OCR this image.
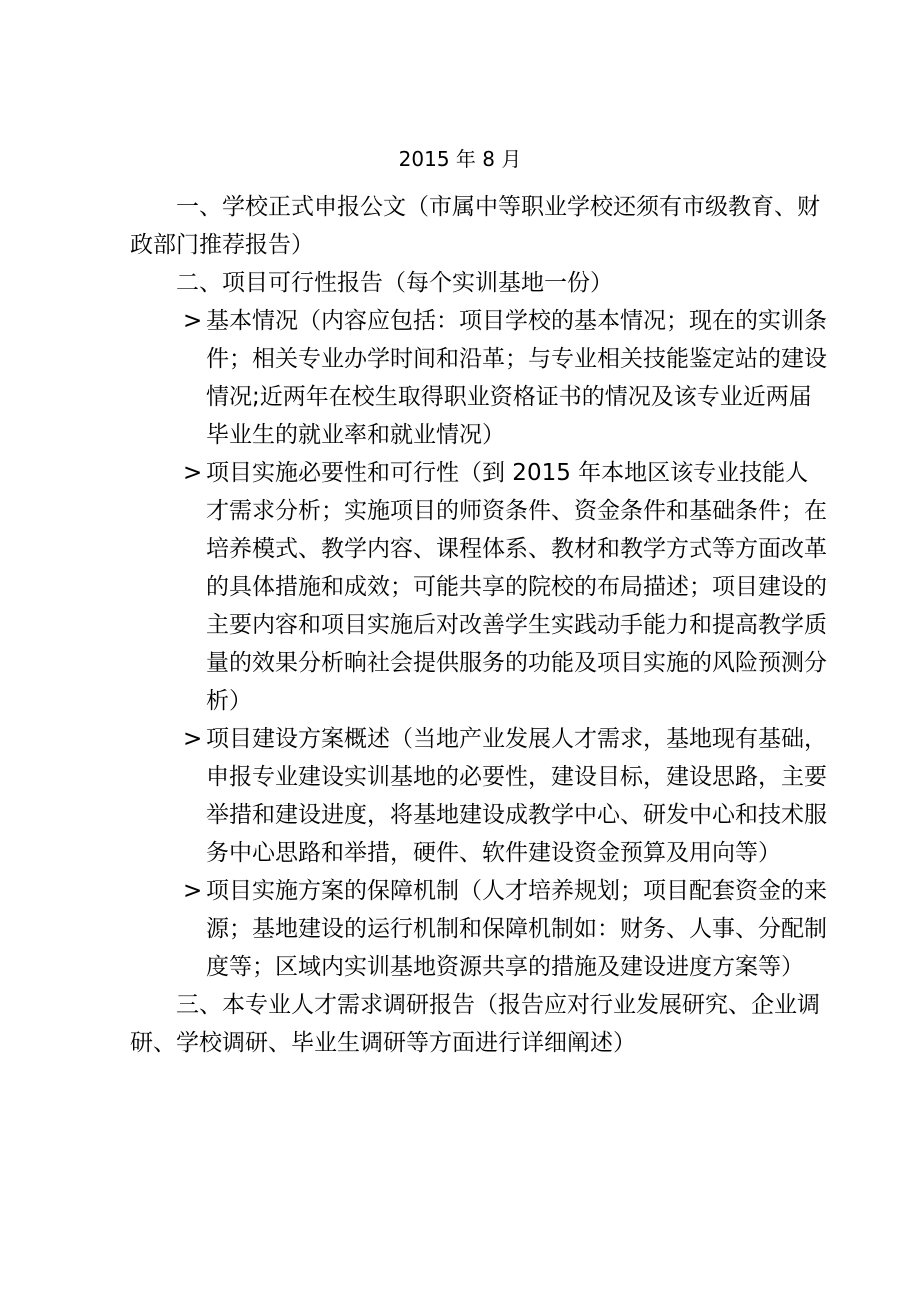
2015 年 8 月

一、学校正式申报公文（市属中等职业学校还须有市级教育、财政部门推荐报告）

二、项目可行性报告（每个实训基地一份）

> 基本情况（内容应包括：项目学校的基本情况；现在的实训条件；相关专业办学时间和沿革；与专业相关技能鉴定站的建设情况;近两年在校生取得职业资格证书的情况及该专业近两届毕业生的就业率和就业情况）

> 项目实施必要性和可行性（到 2015 年本地区该专业技能人才需求分析；实施项目的师资条件、资金条件和基础条件；在培养模式、教学内容、课程体系、教材和教学方式等方面改革的具体措施和成效；可能共享的院校的布局描述；项目建设的主要内容和项目实施后对改善学生实践动手能力和提高教学质量的效果分析晌社会提供服务的功能及项目实施的风险预测分析）

> 项目建设方案概述（当地产业发展人才需求，基地现有基础，申报专业建设实训基地的必要性，建设目标，建设思路，主要举措和建设进度，将基地建设成教学中心、研发中心和技术服务中心思路和举措，硬件、软件建设资金预算及用向等）

> 项目实施方案的保障机制（人才培养规划；项目配套资金的来源；基地建设的运行机制和保障机制如：财务、人事、分配制度等；区域内实训基地资源共享的措施及建设进度方案等）

三、本专业人才需求调研报告（报告应对行业发展研究、企业调研、学校调研、毕业生调研等方面进行详细阐述）
